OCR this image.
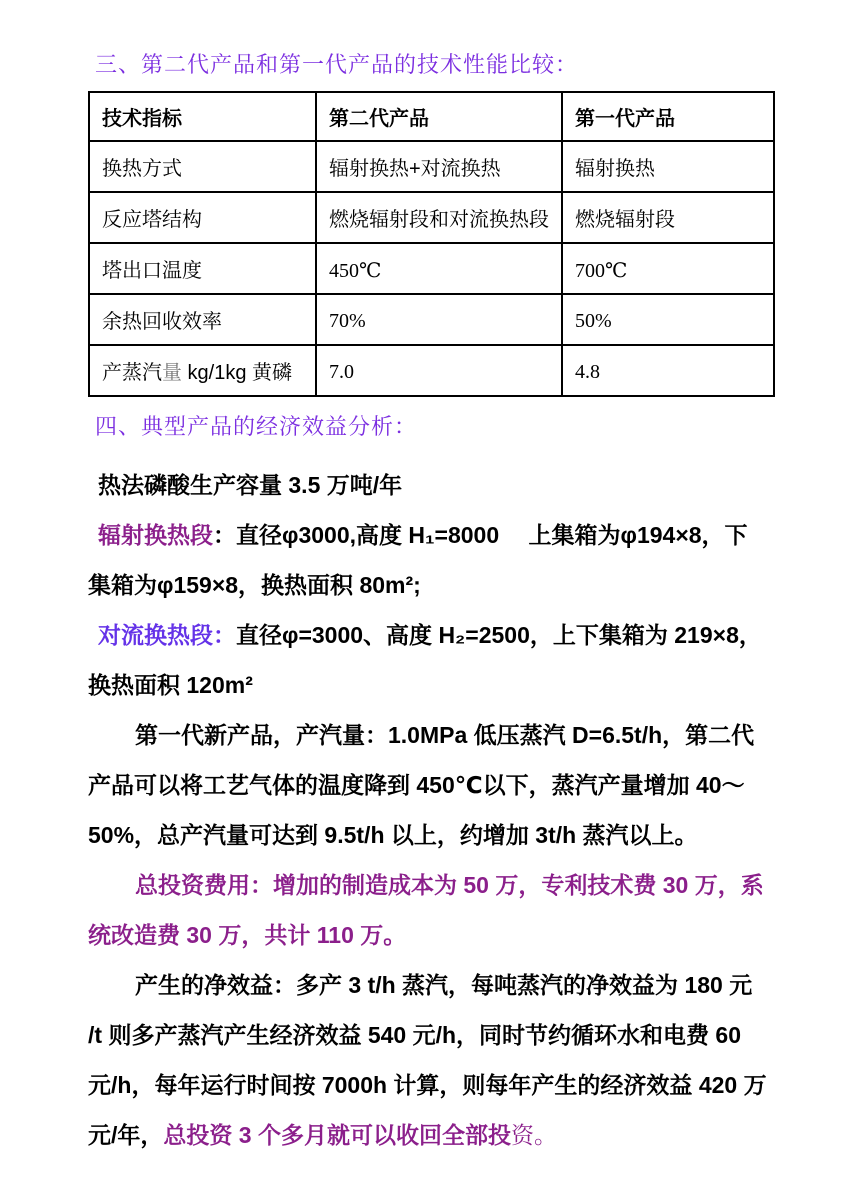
三、第二代产品和第一代产品的技术性能比较：
技术指标	第二代产品	第一代产品
换热方式	辐射换热+对流换热	辐射换热
反应塔结构	燃烧辐射段和对流换热段	燃烧辐射段
塔出口温度	450℃	700℃
余热回收效率	70%	50%
产蒸汽量 kg/1kg 黄磷	7.0	4.8
四、典型产品的经济效益分析：
热法磷酸生产容量 3.5 万吨/年
辐射换热段：直径φ3000,高度 H₁=8000　 上集箱为φ194×8，下
集箱为φ159×8，换热面积 80m²;
对流换热段：直径φ=3000、高度 H₂=2500，上下集箱为 219×8，
换热面积 120m²
第一代新产品，产汽量：1.0MPa 低压蒸汽 D=6.5t/h，第二代
产品可以将工艺气体的温度降到 450℃以下，蒸汽产量增加 40～
50%，总产汽量可达到 9.5t/h 以上，约增加 3t/h 蒸汽以上。
总投资费用：增加的制造成本为 50 万，专利技术费 30 万，系
统改造费 30 万，共计 110 万。
产生的净效益：多产 3 t/h 蒸汽，每吨蒸汽的净效益为 180 元
/t 则多产蒸汽产生经济效益 540 元/h，同时节约循环水和电费 60
元/h，每年运行时间按 7000h 计算，则每年产生的经济效益 420 万
元/年，总投资 3 个多月就可以收回全部投资。
